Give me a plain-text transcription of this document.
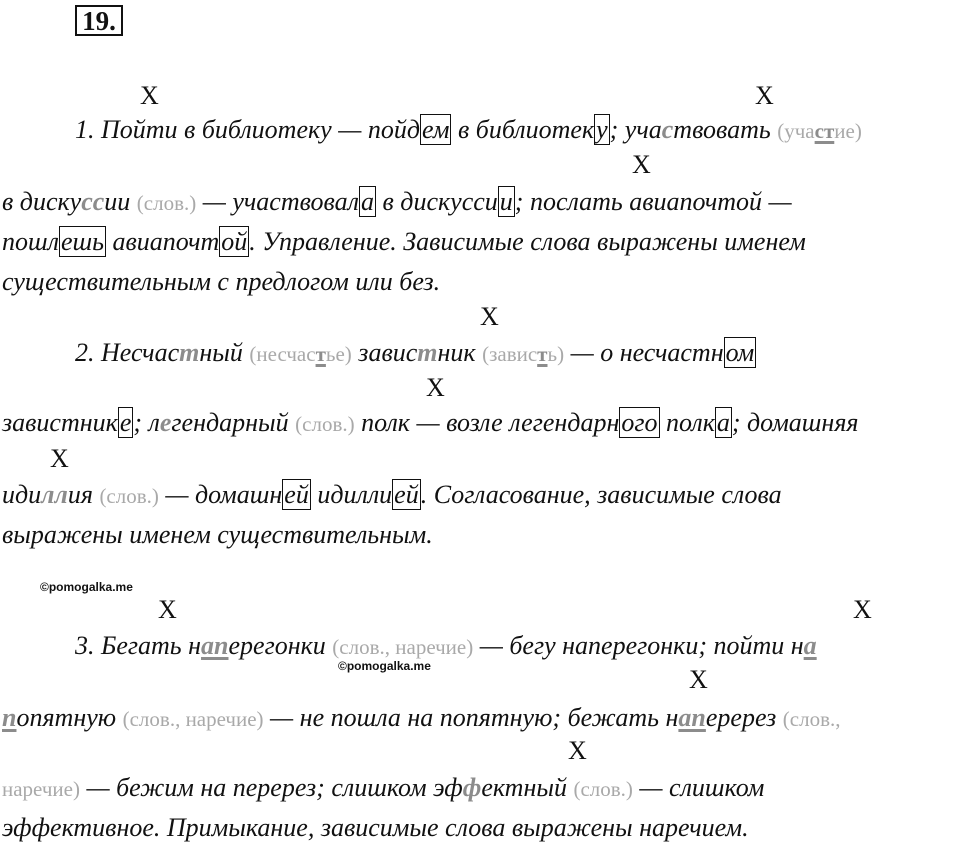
19.
X	X
X
X
X
X
X	X
X
X
1. Пойти в библиотеку — пойдем в библиотеку; участвовать (участие)
в дискуссии (слов.) — участвовала в дискуссии; послать авиапочтой —
пошлешь авиапочтой. Управление. Зависимые слова выражены именем
существительным с предлогом или без.
2. Несчастный (несчастье) завистник (зависть) — о несчастном
завистнике; легендарный (слов.) полк — возле легендарного полка; домашняя
идиллия (слов.) — домашней идиллией. Согласование, зависимые слова
выражены именем существительным.
©pomogalka.me
©pomogalka.me
3. Бегать наперегонки (слов., наречие) — бегу наперегонки; пойти на
попятную (слов., наречие) — не пошла на попятную; бежать наперерез (слов.,
наречие) — бежим на перерез; слишком эффектный (слов.) — слишком
эффективное. Примыкание, зависимые слова выражены наречием.
